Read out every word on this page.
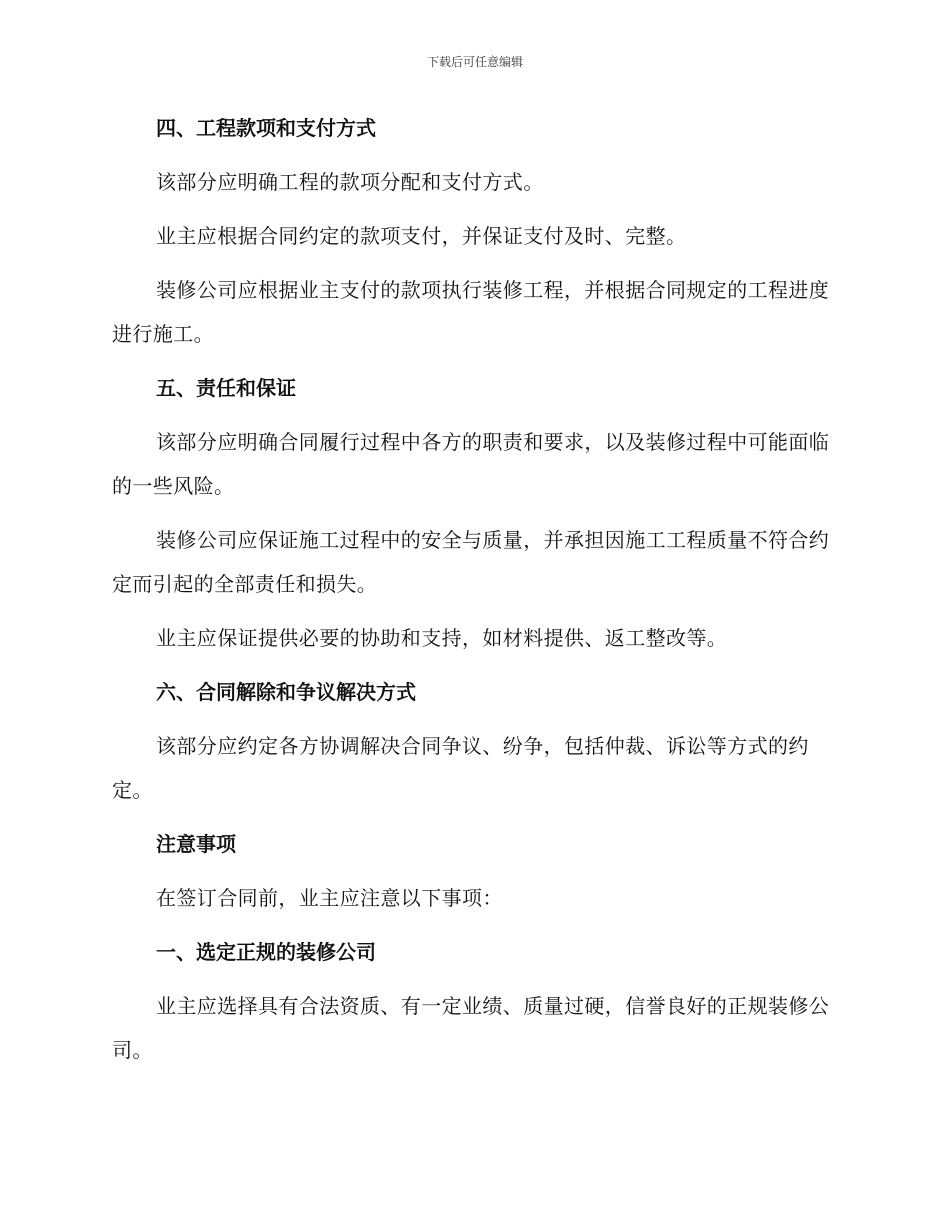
下载后可任意编辑

四、工程款项和支付方式

该部分应明确工程的款项分配和支付方式。

业主应根据合同约定的款项支付，并保证支付及时、完整。

装修公司应根据业主支付的款项执行装修工程，并根据合同规定的工程进度进行施工。

五、责任和保证

该部分应明确合同履行过程中各方的职责和要求，以及装修过程中可能面临的一些风险。

装修公司应保证施工过程中的安全与质量，并承担因施工工程质量不符合约定而引起的全部责任和损失。

业主应保证提供必要的协助和支持，如材料提供、返工整改等。

六、合同解除和争议解决方式

该部分应约定各方协调解决合同争议、纷争，包括仲裁、诉讼等方式的约定。

注意事项

在签订合同前，业主应注意以下事项：

一、选定正规的装修公司

业主应选择具有合法资质、有一定业绩、质量过硬，信誉良好的正规装修公司。
